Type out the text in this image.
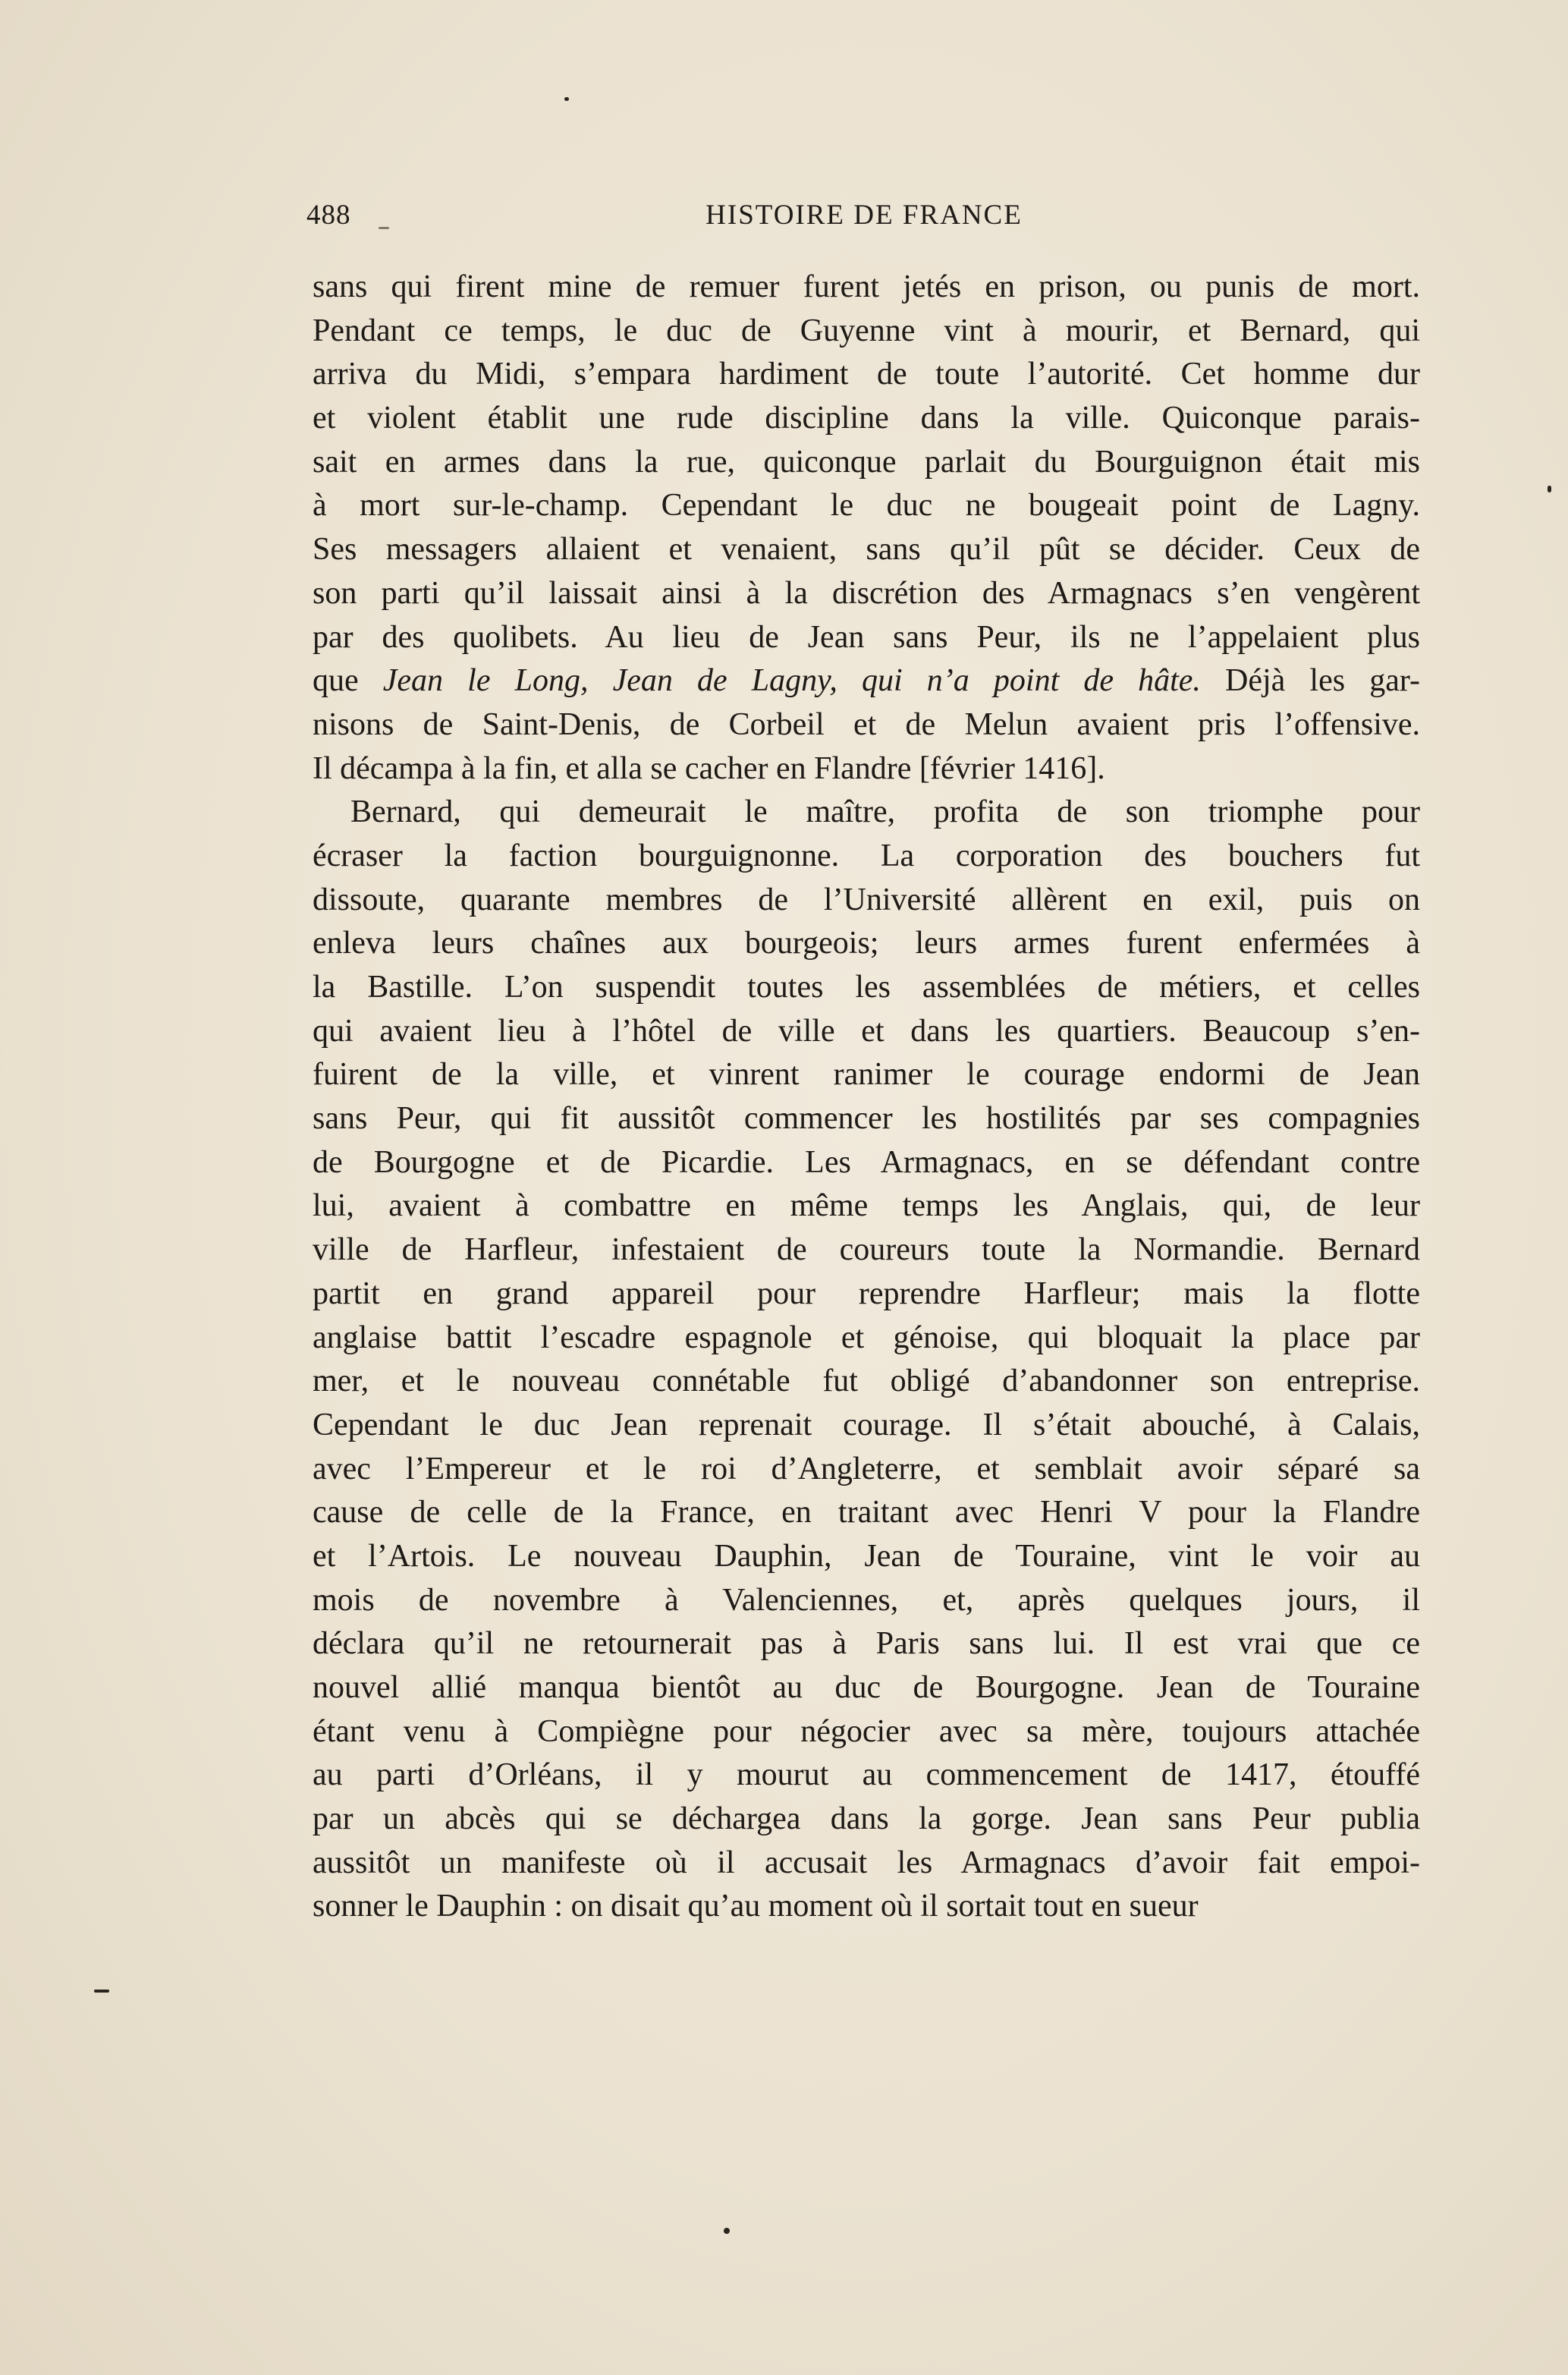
488	HISTOIRE DE FRANCE
sans qui firent mine de remuer furent jetés en prison, ou punis de mort.
Pendant ce temps, le duc de Guyenne vint à mourir, et Bernard, qui
arriva du Midi, s’empara hardiment de toute l’autorité. Cet homme dur
et violent établit une rude discipline dans la ville. Quiconque parais-
sait en armes dans la rue, quiconque parlait du Bourguignon était mis
à mort sur-le-champ. Cependant le duc ne bougeait point de Lagny.
Ses messagers allaient et venaient, sans qu’il pût se décider. Ceux de
son parti qu’il laissait ainsi à la discrétion des Armagnacs s’en vengèrent
par des quolibets. Au lieu de Jean sans Peur, ils ne l’appelaient plus
que Jean le Long, Jean de Lagny, qui n’a point de hâte. Déjà les gar-
nisons de Saint-Denis, de Corbeil et de Melun avaient pris l’offensive.
Il décampa à la fin, et alla se cacher en Flandre [février 1416].
Bernard, qui demeurait le maître, profita de son triomphe pour
écraser la faction bourguignonne. La corporation des bouchers fut
dissoute, quarante membres de l’Université allèrent en exil, puis on
enleva leurs chaînes aux bourgeois; leurs armes furent enfermées à
la Bastille. L’on suspendit toutes les assemblées de métiers, et celles
qui avaient lieu à l’hôtel de ville et dans les quartiers. Beaucoup s’en-
fuirent de la ville, et vinrent ranimer le courage endormi de Jean
sans Peur, qui fit aussitôt commencer les hostilités par ses compagnies
de Bourgogne et de Picardie. Les Armagnacs, en se défendant contre
lui, avaient à combattre en même temps les Anglais, qui, de leur
ville de Harfleur, infestaient de coureurs toute la Normandie. Bernard
partit en grand appareil pour reprendre Harfleur; mais la flotte
anglaise battit l’escadre espagnole et génoise, qui bloquait la place par
mer, et le nouveau connétable fut obligé d’abandonner son entreprise.
Cependant le duc Jean reprenait courage. Il s’était abouché, à Calais,
avec l’Empereur et le roi d’Angleterre, et semblait avoir séparé sa
cause de celle de la France, en traitant avec Henri V pour la Flandre
et l’Artois. Le nouveau Dauphin, Jean de Touraine, vint le voir au
mois de novembre à Valenciennes, et, après quelques jours, il
déclara qu’il ne retournerait pas à Paris sans lui. Il est vrai que ce
nouvel allié manqua bientôt au duc de Bourgogne. Jean de Touraine
étant venu à Compiègne pour négocier avec sa mère, toujours attachée
au parti d’Orléans, il y mourut au commencement de 1417, étouffé
par un abcès qui se déchargea dans la gorge. Jean sans Peur publia
aussitôt un manifeste où il accusait les Armagnacs d’avoir fait empoi-
sonner le Dauphin : on disait qu’au moment où il sortait tout en sueur
